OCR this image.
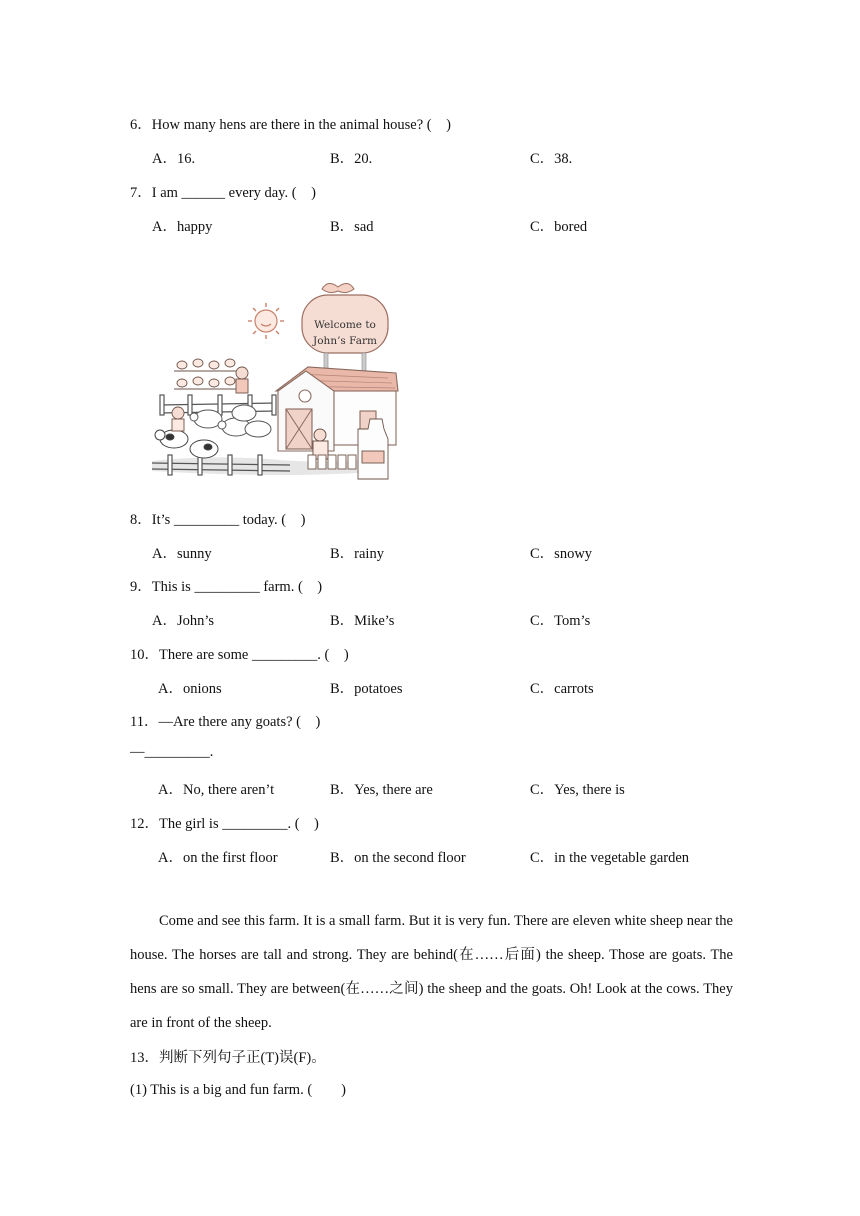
6．How many hens are there in the animal house? (    )
A．16.	B．20.	C．38.
7．I am ______ every day. (    )
A．happy	B．sad	C．bored
Welcome to
John’s Farm
8．It’s _________ today. (    )
A．sunny	B．rainy	C．snowy
9．This is _________ farm. (    )
A．John’s	B．Mike’s	C．Tom’s
10．There are some _________. (    )
A．onions	B．potatoes	C．carrots
11．—Are there any goats? (    )
—_________.
A．No, there aren’t	B．Yes, there are	C．Yes, there is
12．The girl is _________. (    )
A．on the first floor	B．on the second floor	C．in the vegetable garden

Come and see this farm. It is a small farm. But it is very fun. There are eleven white sheep near the house. The horses are tall and strong. They are behind(在……后面) the sheep. Those are goats. The hens are so small. They are between(在……之间) the sheep and the goats. Oh! Look at the cows. They are in front of the sheep.

13．判断下列句子正(T)误(F)。
(1) This is a big and fun farm. (        )
